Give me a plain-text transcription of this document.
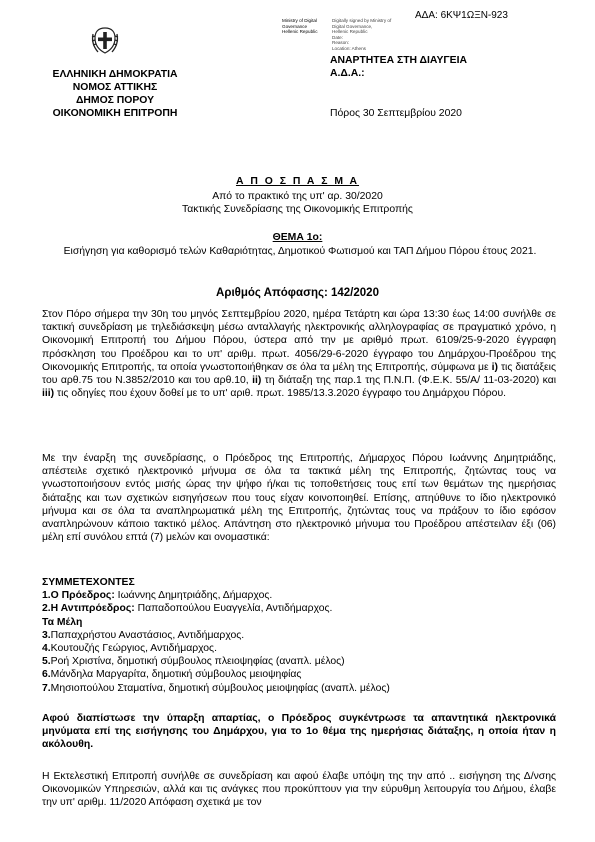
ΑΔΑ: 6ΚΨ1ΩΞΝ-923
Ministry of Digital	Digitally signed by Ministry of
Governance	Digital Governance,
Hellenic Republic	Hellenic Republic
Date:
Reason:
Location: Athens
ΕΛΛΗΝΙΚΗ ΔΗΜΟΚΡΑΤΙΑ
ΝΟΜΟΣ ΑΤΤΙΚΗΣ
ΔΗΜΟΣ ΠΟΡΟΥ
ΟΙΚΟΝΟΜΙΚΗ ΕΠΙΤΡΟΠΗ
ΑΝΑΡΤΗΤΕΑ ΣΤΗ ΔΙΑΥΓΕΙΑ
Α.Δ.Α.:
Πόρος 30 Σεπτεμβρίου 2020
Α Π Ο Σ Π Α Σ Μ Α
Από το πρακτικό της υπ' αρ. 30/2020
Τακτικής Συνεδρίασης της Οικονομικής Επιτροπής
ΘΕΜΑ 1ο:
Εισήγηση για καθορισμό τελών Καθαριότητας, Δημοτικού Φωτισμού και ΤΑΠ Δήμου Πόρου έτους 2021.
Αριθμός Απόφασης: 142/2020
Στον Πόρο σήμερα την 30η του μηνός Σεπτεμβρίου 2020, ημέρα Τετάρτη και ώρα 13:30 έως 14:00 συνήλθε σε τακτική συνεδρίαση με τηλεδιάσκεψη μέσω ανταλλαγής ηλεκτρονικής αλληλογραφίας σε πραγματικό χρόνο, η Οικονομική Επιτροπή του Δήμου Πόρου, ύστερα από την με αριθμό πρωτ. 6109/25-9-2020 έγγραφη πρόσκληση του Προέδρου και το υπ' αριθμ. πρωτ. 4056/29-6-2020 έγγραφο του Δημάρχου-Προέδρου της Οικονομικής Επιτροπής, τα οποία γνωστοποιήθηκαν σε όλα τα μέλη της Επιτροπής, σύμφωνα με i) τις διατάξεις του αρθ.75 του Ν.3852/2010 και του αρθ.10, ii) τη διάταξη της παρ.1 της Π.Ν.Π. (Φ.Ε.Κ. 55/Α/ 11-03-2020) και iii) τις οδηγίες που έχουν δοθεί με το υπ' αριθ. πρωτ. 1985/13.3.2020 έγγραφο του Δημάρχου Πόρου.
Με την έναρξη της συνεδρίασης, ο Πρόεδρος της Επιτροπής, Δήμαρχος Πόρου Ιωάννης Δημητριάδης, απέστειλε σχετικό ηλεκτρονικό μήνυμα σε όλα τα τακτικά μέλη της Επιτροπής, ζητώντας τους να γνωστοποιήσουν εντός μισής ώρας την ψήφο ή/και τις τοποθετήσεις τους επί των θεμάτων της ημερήσιας διάταξης και των σχετικών εισηγήσεων που τους είχαν κοινοποιηθεί. Επίσης, απηύθυνε το ίδιο ηλεκτρονικό μήνυμα και σε όλα τα αναπληρωματικά μέλη της Επιτροπής, ζητώντας τους να πράξουν το ίδιο εφόσον αναπληρώνουν κάποιο τακτικό μέλος. Απάντηση στο ηλεκτρονικό μήνυμα του Προέδρου απέστειλαν έξι (06) μέλη επί συνόλου επτά (7) μελών και ονομαστικά:
ΣΥΜΜΕΤΕΧΟΝΤΕΣ
1.Ο Πρόεδρος: Ιωάννης Δημητριάδης, Δήμαρχος.
2.Η Αντιπρόεδρος: Παπαδοπούλου Ευαγγελία, Αντιδήμαρχος.
Τα Μέλη
3.Παπαχρήστου Αναστάσιος, Αντιδήμαρχος.
4.Κουτουζής Γεώργιος, Αντιδήμαρχος.
5.Ροή Χριστίνα, δημοτική σύμβουλος πλειοψηφίας (αναπλ. μέλος)
6.Μάνδηλα Μαργαρίτα, δημοτική σύμβουλος μειοψηφίας
7.Μησιοπούλου Σταματίνα, δημοτική σύμβουλος μειοψηφίας (αναπλ. μέλος)
Αφού διαπίστωσε την ύπαρξη απαρτίας, ο Πρόεδρος συγκέντρωσε τα απαντητικά ηλεκτρονικά μηνύματα επί της εισήγησης του Δημάρχου, για το 1ο θέμα της ημερήσιας διάταξης, η οποία ήταν η ακόλουθη.
Η Εκτελεστική Επιτροπή συνήλθε σε συνεδρίαση και αφού έλαβε υπόψη της την από .. εισήγηση της Δ/νσης Οικονομικών Υπηρεσιών, αλλά και τις ανάγκες που προκύπτουν για την εύρυθμη λειτουργία του Δήμου, έλαβε την υπ' αριθμ. 11/2020 Απόφαση σχετικά με τον
